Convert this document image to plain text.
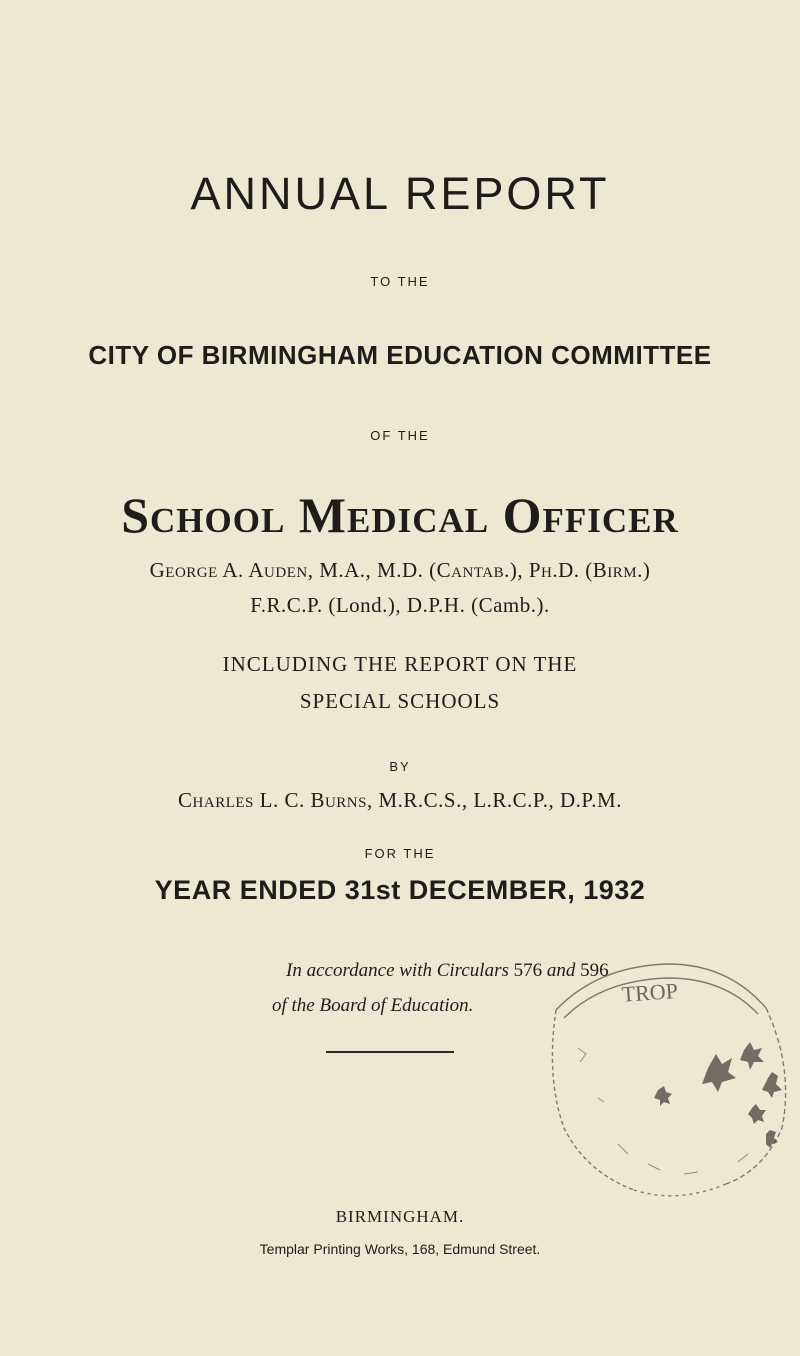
ANNUAL REPORT
TO THE
CITY OF BIRMINGHAM EDUCATION COMMITTEE
OF THE
School Medical Officer
George A. Auden, M.A., M.D. (Cantab.), Ph.D. (Birm.)
F.R.C.P. (Lond.), D.P.H. (Camb.).
INCLUDING THE REPORT ON THE
SPECIAL SCHOOLS
BY
Charles L. C. Burns, M.R.C.S., L.R.C.P., D.P.M.
FOR THE
YEAR ENDED 31st DECEMBER, 1932
In accordance with Circulars 576 and 596
of the Board of Education.	TROP
BIRMINGHAM.
Templar Printing Works, 168, Edmund Street.
